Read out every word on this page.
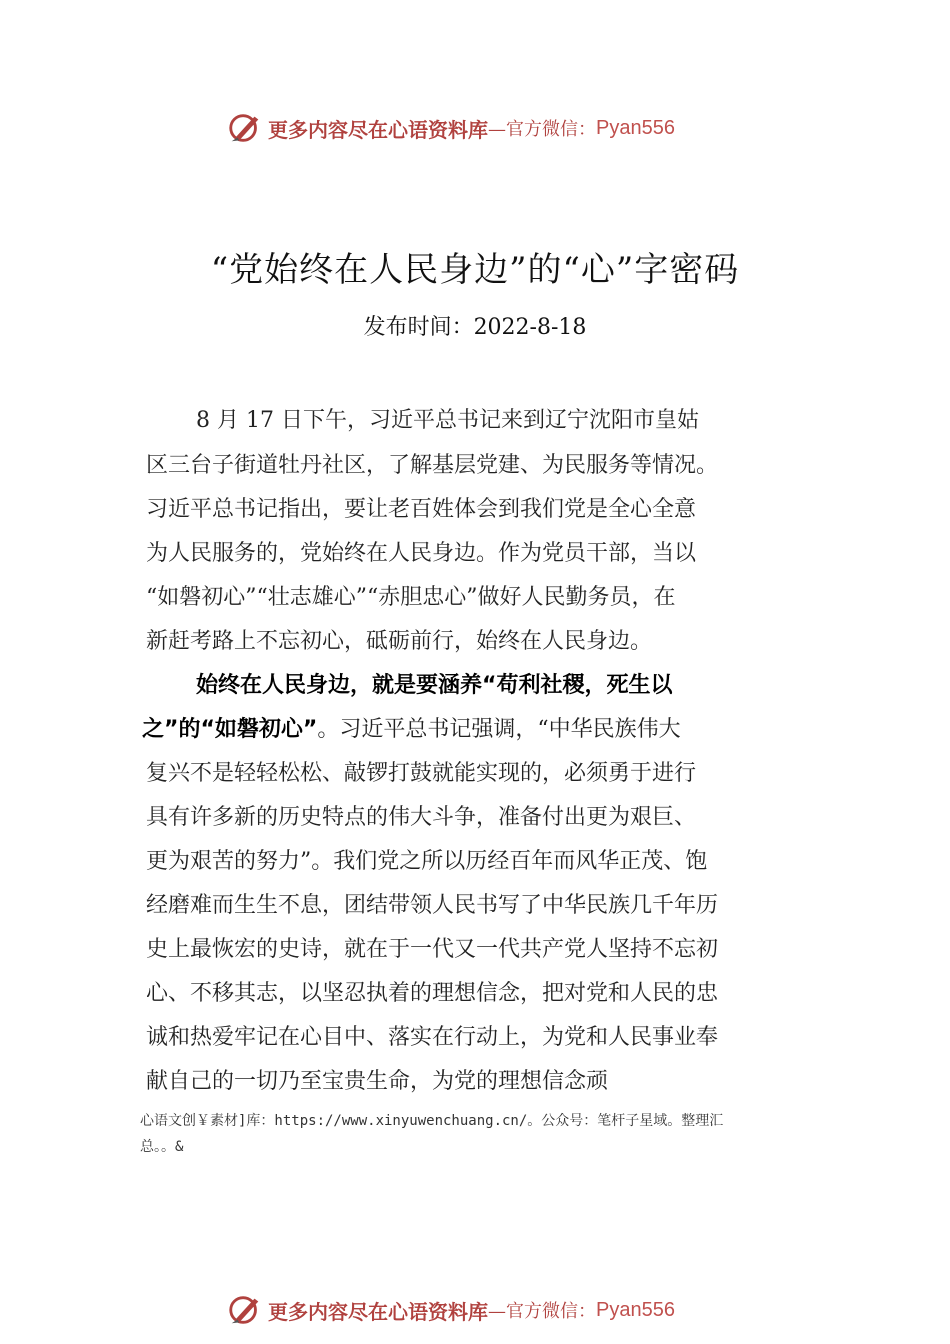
更多内容尽在心语资料库 —官方微信： Pyan556
“党始终在人民身边”的“心”字密码
发布时间：2022-8-18
8 月 17 日下午，习近平总书记来到辽宁沈阳市皇姑
区三台子街道牡丹社区，了解基层党建、为民服务等情况。
习近平总书记指出，要让老百姓体会到我们党是全心全意
为人民服务的，党始终在人民身边。作为党员干部，当以
“如磐初心”“壮志雄心”“赤胆忠心”做好人民勤务员，在
新赶考路上不忘初心，砥砺前行，始终在人民身边。
始终在人民身边，就是要涵养“苟利社稷，死生以
之”的“如磐初心”。习近平总书记强调，“中华民族伟大
复兴不是轻轻松松、敲锣打鼓就能实现的，必须勇于进行
具有许多新的历史特点的伟大斗争，准备付出更为艰巨、
更为艰苦的努力”。我们党之所以历经百年而风华正茂、饱
经磨难而生生不息，团结带领人民书写了中华民族几千年历
史上最恢宏的史诗，就在于一代又一代共产党人坚持不忘初
心、不移其志，以坚忍执着的理想信念，把对党和人民的忠
诚和热爱牢记在心目中、落实在行动上，为党和人民事业奉
献自己的一切乃至宝贵生命，为党的理想信念顽
心语文创￥素材]库：https://www.xinyuwenchuang.cn/。公众号：笔杆子星域。整理汇
总。。&
更多内容尽在心语资料库 —官方微信： Pyan556
